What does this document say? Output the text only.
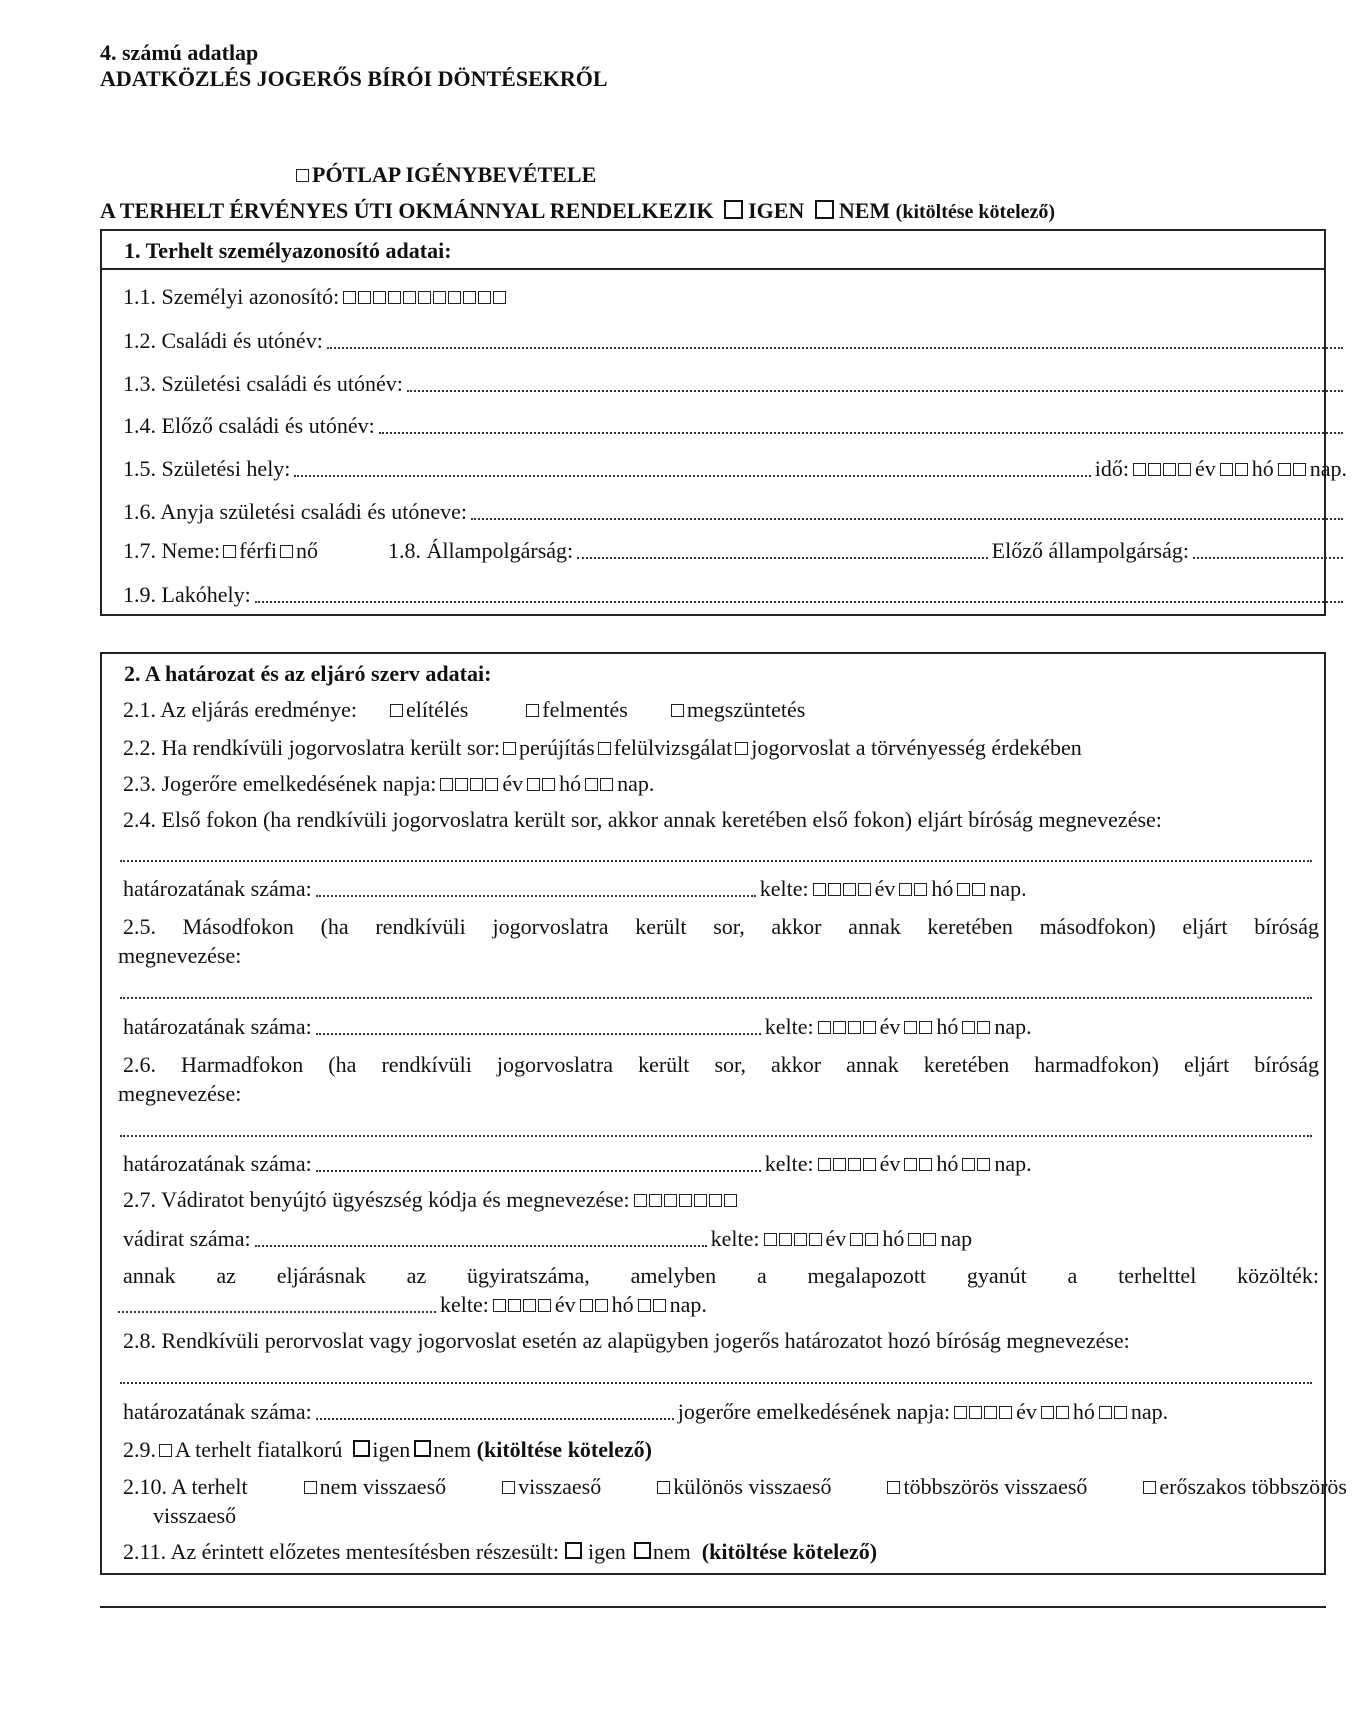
4. számú adatlap
ADATKÖZLÉS JOGERŐS BÍRÓI DÖNTÉSEKRŐL
PÓTLAP IGÉNYBEVÉTELE
A TERHELT ÉRVÉNYES ÚTI OKMÁNNYAL RENDELKEZIK IGEN NEM (kitöltése kötelező)
1. Terhelt személyazonosító adatai:
1.1. Személyi azonosító:
1.2. Családi és utónév:
1.3. Születési családi és utónév:
1.4. Előző családi és utónév:
1.5. Születési hely:	idő:	év hó nap.
1.6. Anyja születési családi és utóneve:
1.7. Neme: férfi nő	1.8. Állampolgárság:	Előző állampolgárság:
1.9. Lakóhely:
2. A határozat és az eljáró szerv adatai:
2.1. Az eljárás eredménye: elítélés	felmentés	megszüntetés
2.2. Ha rendkívüli jogorvoslatra került sor: perújítás felülvizsgálat jogorvoslat a törvényesség érdekében
2.3. Jogerőre emelkedésének napja:	év hó nap.
2.4. Első fokon (ha rendkívüli jogorvoslatra került sor, akkor annak keretében első fokon) eljárt bíróság megnevezése:
határozatának száma:	kelte:	év hó nap.
2.5. Másodfokon (ha rendkívüli jogorvoslatra került sor, akkor annak keretében másodfokon) eljárt bíróság
megnevezése:
határozatának száma:	kelte:	év hó nap.
2.6. Harmadfokon (ha rendkívüli jogorvoslatra került sor, akkor annak keretében harmadfokon) eljárt bíróság
megnevezése:
határozatának száma:	kelte:	év hó nap.
2.7. Vádiratot benyújtó ügyészség kódja és megnevezése:
vádirat száma:	kelte:	év hó nap
annak az eljárásnak az ügyiratszáma, amelyben a megalapozott gyanút a terhelttel közölték:
kelte:	év hó nap.
2.8. Rendkívüli perorvoslat vagy jogorvoslat esetén az alapügyben jogerős határozatot hozó bíróság megnevezése:
határozatának száma:	jogerőre emelkedésének napja:	év hó nap.
2.9. A terhelt fiatalkorú
igen nem
(kitöltése kötelező)
2.10. A terhelt	nem visszaeső	visszaeső	különös visszaeső	többszörös visszaeső	erőszakos többszörös
visszaeső
2.11. Az érintett előzetes mentesítésben részesült: igen nem
(kitöltése kötelező)
